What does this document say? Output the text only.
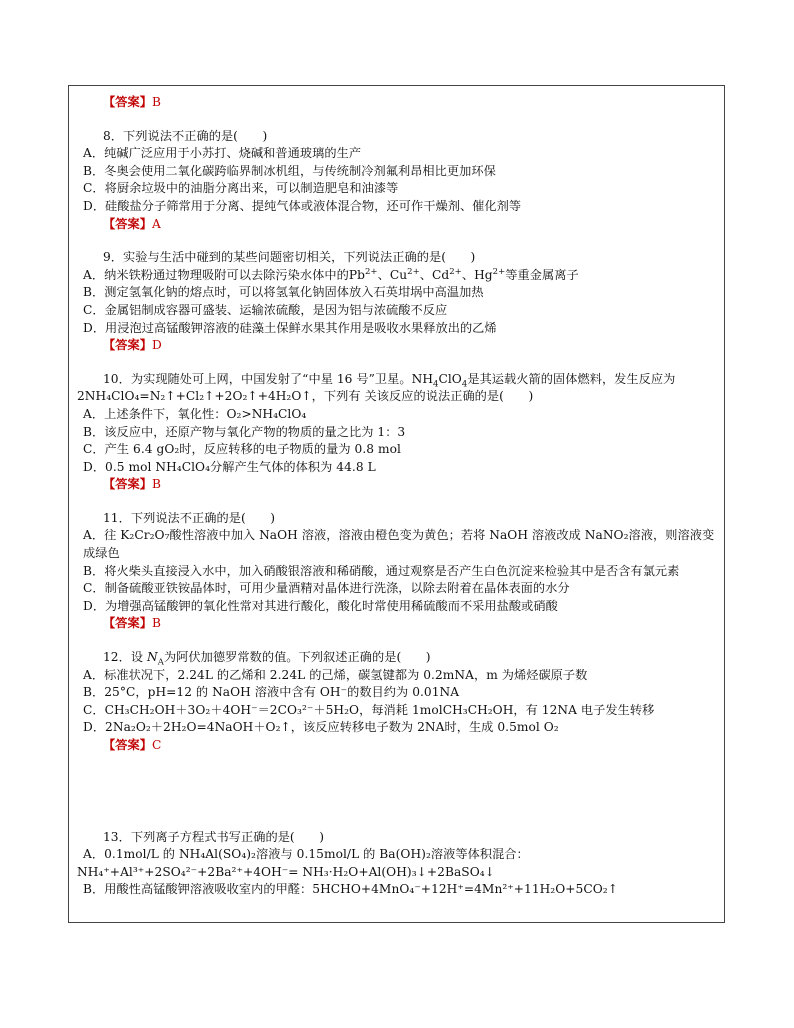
【答案】B
8．下列说法不正确的是(　　)
A．纯碱广泛应用于小苏打、烧碱和普通玻璃的生产
B．冬奥会使用二氧化碳跨临界制冰机组，与传统制冷剂氟利昂相比更加环保
C．将厨余垃圾中的油脂分离出来，可以制造肥皂和油漆等
D．硅酸盐分子筛常用于分离、提纯气体或液体混合物，还可作干燥剂、催化剂等
【答案】A
9．实验与生活中碰到的某些问题密切相关，下列说法正确的是(　　)
A．纳米铁粉通过物理吸附可以去除污染水体中的$Pb^{2+}$、$Cu^{2+}$、$Cd^{2+}$、$Hg^{2+}$等重金属离子
B．测定氢氧化钠的熔点时，可以将氢氧化钠固体放入石英坩埚中高温加热
C．金属铝制成容器可盛装、运输浓硫酸，是因为铝与浓硫酸不反应
D．用浸泡过高锰酸钾溶液的硅藻土保鲜水果其作用是吸收水果释放出的乙烯
【答案】D
10．为实现随处可上网，中国发射了“中星 16 号”卫星。$NH_4ClO_4$是其运载火箭的固体燃料，发生反应为
2NH₄ClO₄=N₂↑+Cl₂↑+2O₂↑+4H₂O↑，下列有 关该反应的说法正确的是(　　)
A．上述条件下，氧化性：O₂>NH₄ClO₄
B．该反应中，还原产物与氧化产物的物质的量之比为 1：3
C．产生 6.4 gO₂时，反应转移的电子物质的量为 0.8 mol
D．0.5 mol NH₄ClO₄分解产生气体的体积为 44.8 L
【答案】B
11．下列说法不正确的是(　　)
A．往 K₂Cr₂O₇酸性溶液中加入 NaOH 溶液，溶液由橙色变为黄色；若将 NaOH 溶液改成 NaNO₂溶液，则溶液变成绿色
B．将火柴头直接浸入水中，加入硝酸银溶液和稀硝酸，通过观察是否产生白色沉淀来检验其中是否含有氯元素
C．制备硫酸亚铁铵晶体时，可用少量酒精对晶体进行洗涤，以除去附着在晶体表面的水分
D．为增强高锰酸钾的氧化性常对其进行酸化，酸化时常使用稀硫酸而不采用盐酸或硝酸
【答案】B
12．设 $N_A$为阿伏加德罗常数的值。下列叙述正确的是(　　)
A．标准状况下，2.24L 的乙烯和 2.24L 的己烯，碳氢键都为 0.2mNA，m 为烯烃碳原子数
B．25°C，pH=12 的 NaOH 溶液中含有 OH⁻的数目约为 0.01NA
C．CH₃CH₂OH＋3O₂＋4OH⁻＝2CO₃²⁻＋5H₂O，每消耗 1molCH₃CH₂OH，有 12NA 电子发生转移
D．2Na₂O₂＋2H₂O=4NaOH＋O₂↑，该反应转移电子数为 2NA时，生成 0.5mol O₂
【答案】C
13．下列离子方程式书写正确的是(　　)
A．0.1mol/L 的 NH₄Al(SO₄)₂溶液与 0.15mol/L 的 Ba(OH)₂溶液等体积混合：
NH₄⁺+Al³⁺+2SO₄²⁻+2Ba²⁺+4OH⁻= NH₃·H₂O+Al(OH)₃↓+2BaSO₄↓
B．用酸性高锰酸钾溶液吸收室内的甲醛：5HCHO+4MnO₄⁻+12H⁺=4Mn²⁺+11H₂O+5CO₂↑
